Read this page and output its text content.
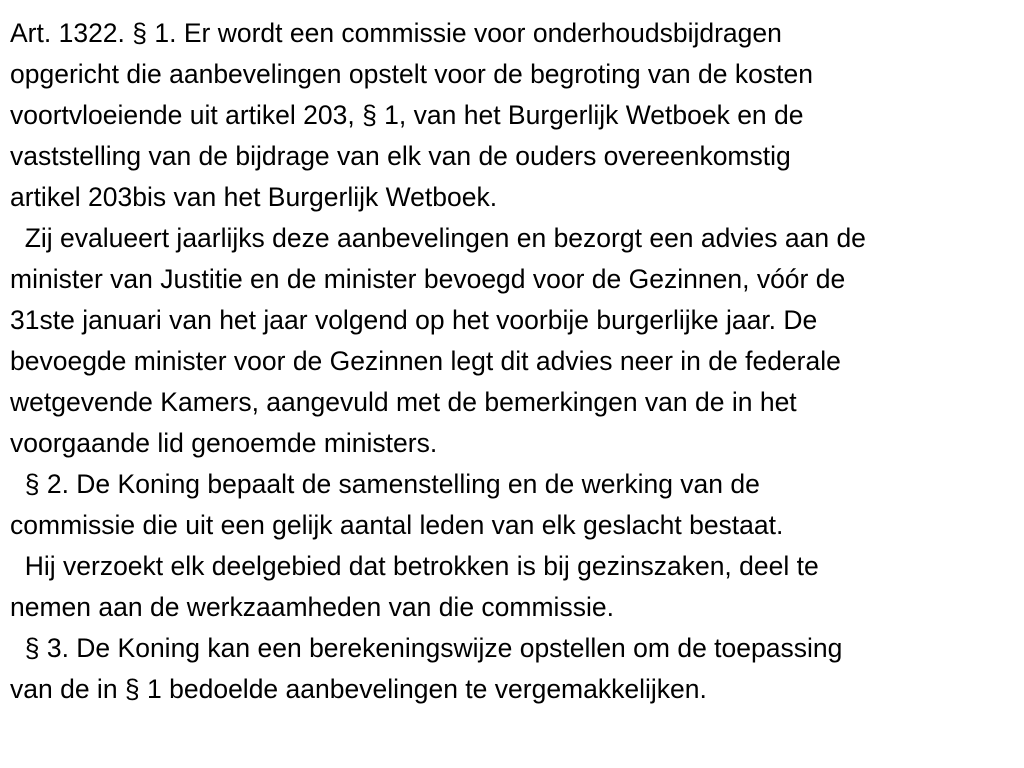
Art. 1322. § 1. Er wordt een commissie voor onderhoudsbijdragen
opgericht die aanbevelingen opstelt voor de begroting van de kosten
voortvloeiende uit artikel 203, § 1, van het Burgerlijk Wetboek en de
vaststelling van de bijdrage van elk van de ouders overeenkomstig
artikel 203bis van het Burgerlijk Wetboek.
Zij evalueert jaarlijks deze aanbevelingen en bezorgt een advies aan de
minister van Justitie en de minister bevoegd voor de Gezinnen, vóór de
31ste januari van het jaar volgend op het voorbije burgerlijke jaar. De
bevoegde minister voor de Gezinnen legt dit advies neer in de federale
wetgevende Kamers, aangevuld met de bemerkingen van de in het
voorgaande lid genoemde ministers.
§ 2. De Koning bepaalt de samenstelling en de werking van de
commissie die uit een gelijk aantal leden van elk geslacht bestaat.
Hij verzoekt elk deelgebied dat betrokken is bij gezinszaken, deel te
nemen aan de werkzaamheden van die commissie.
§ 3. De Koning kan een berekeningswijze opstellen om de toepassing
van de in § 1 bedoelde aanbevelingen te vergemakkelijken.
